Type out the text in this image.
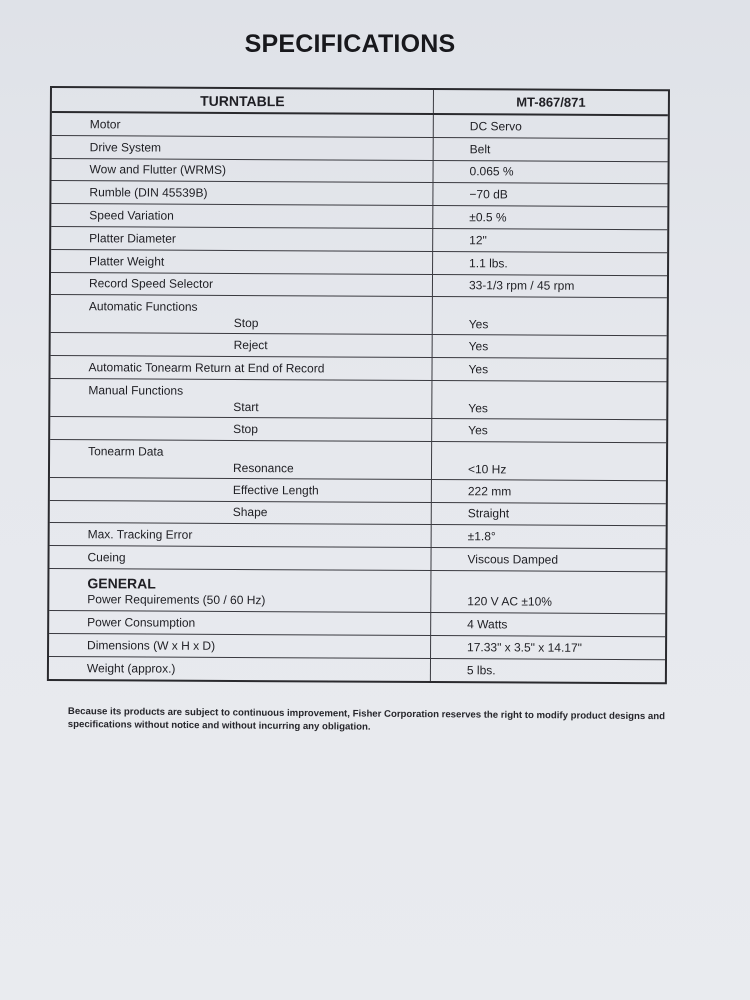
SPECIFICATIONS
TURNTABLE	MT-867/871
Motor	DC Servo
Drive System	Belt
Wow and Flutter (WRMS)	0.065 %
Rumble (DIN 45539B)	−70 dB
Speed Variation	±0.5 %
Platter Diameter	12"
Platter Weight	1.1 lbs.
Record Speed Selector	33-1/3 rpm / 45 rpm
Automatic Functions
Stop	Yes
Reject	Yes
Automatic Tonearm Return at End of Record	Yes
Manual Functions
Start	Yes
Stop	Yes
Tonearm Data
Resonance	<10 Hz
Effective Length	222 mm
Shape	Straight
Max. Tracking Error	±1.8°
Cueing	Viscous Damped
GENERAL
Power Requirements (50 / 60 Hz)	120 V AC ±10%
Power Consumption	4 Watts
Dimensions (W x H x D)	17.33" x 3.5" x 14.17"
Weight (approx.)	5 lbs.
Because its products are subject to continuous improvement, Fisher Corporation reserves the right to modify product designs and specifications without notice and without incurring any obligation.
